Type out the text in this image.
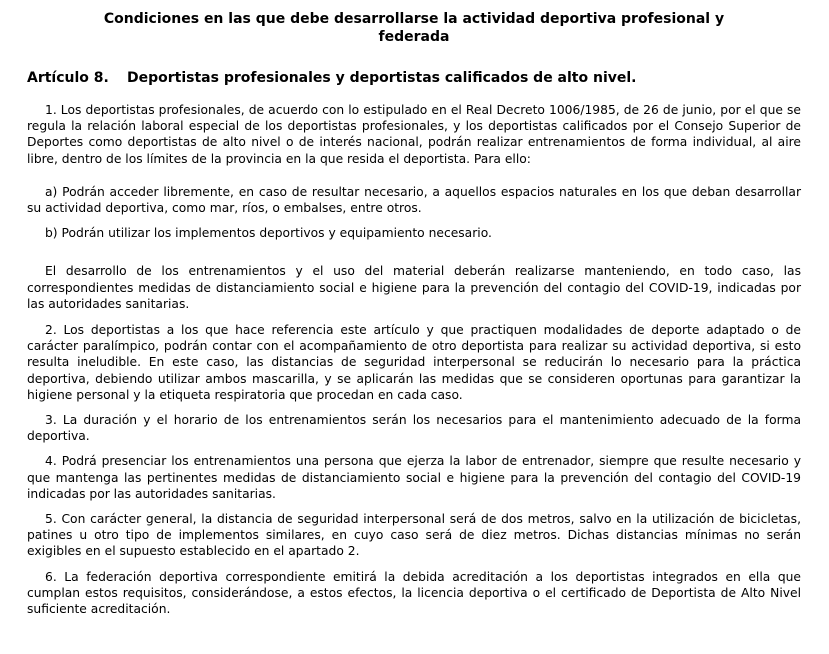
Condiciones en las que debe desarrollarse la actividad deportiva profesional y federada
Artículo 8. Deportistas profesionales y deportistas calificados de alto nivel.

1. Los deportistas profesionales, de acuerdo con lo estipulado en el Real Decreto 1006/1985, de 26 de junio, por el que se regula la relación laboral especial de los deportistas profesionales, y los deportistas calificados por el Consejo Superior de Deportes como deportistas de alto nivel o de interés nacional, podrán realizar entrenamientos de forma individual, al aire libre, dentro de los límites de la provincia en la que resida el deportista. Para ello:

a) Podrán acceder libremente, en caso de resultar necesario, a aquellos espacios naturales en los que deban desarrollar su actividad deportiva, como mar, ríos, o embalses, entre otros.

b) Podrán utilizar los implementos deportivos y equipamiento necesario.

El desarrollo de los entrenamientos y el uso del material deberán realizarse manteniendo, en todo caso, las correspondientes medidas de distanciamiento social e higiene para la prevención del contagio del COVID-19, indicadas por las autoridades sanitarias.

2. Los deportistas a los que hace referencia este artículo y que practiquen modalidades de deporte adaptado o de carácter paralímpico, podrán contar con el acompañamiento de otro deportista para realizar su actividad deportiva, si esto resulta ineludible. En este caso, las distancias de seguridad interpersonal se reducirán lo necesario para la práctica deportiva, debiendo utilizar ambos mascarilla, y se aplicarán las medidas que se consideren oportunas para garantizar la higiene personal y la etiqueta respiratoria que procedan en cada caso.

3. La duración y el horario de los entrenamientos serán los necesarios para el mantenimiento adecuado de la forma deportiva.

4. Podrá presenciar los entrenamientos una persona que ejerza la labor de entrenador, siempre que resulte necesario y que mantenga las pertinentes medidas de distanciamiento social e higiene para la prevención del contagio del COVID-19 indicadas por las autoridades sanitarias.

5. Con carácter general, la distancia de seguridad interpersonal será de dos metros, salvo en la utilización de bicicletas, patines u otro tipo de implementos similares, en cuyo caso será de diez metros. Dichas distancias mínimas no serán exigibles en el supuesto establecido en el apartado 2.

6. La federación deportiva correspondiente emitirá la debida acreditación a los deportistas integrados en ella que cumplan estos requisitos, considerándose, a estos efectos, la licencia deportiva o el certificado de Deportista de Alto Nivel suficiente acreditación.
